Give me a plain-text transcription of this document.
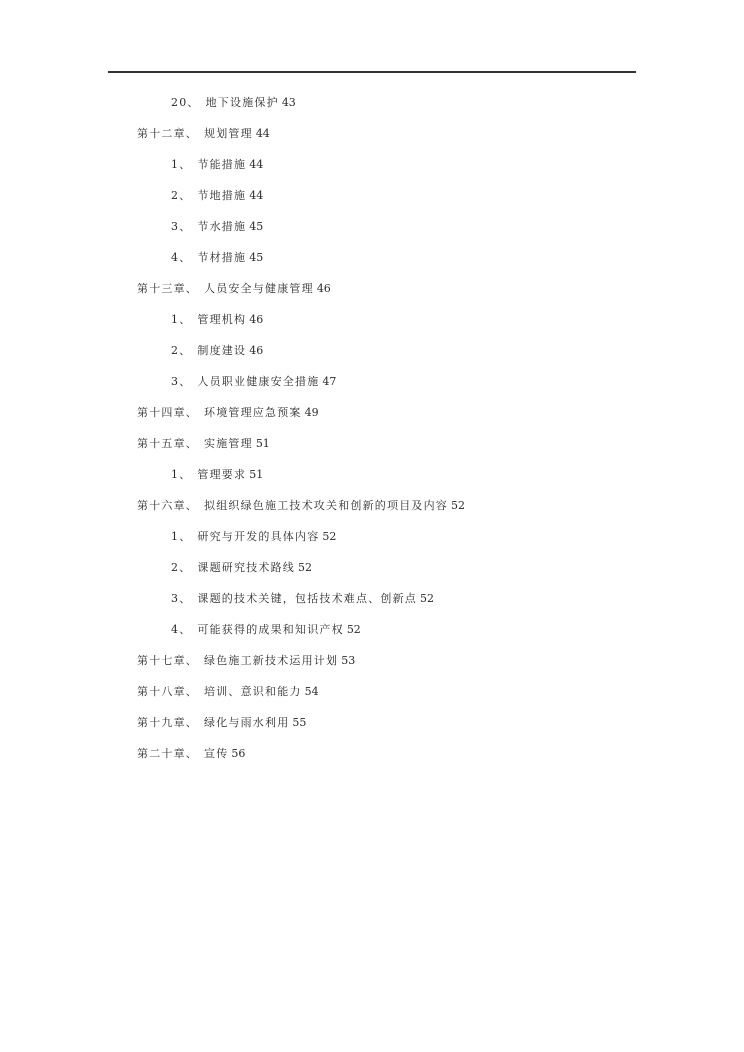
20、 地下设施保护 43
第十二章、 规划管理 44
1、 节能措施 44
2、 节地措施 44
3、 节水措施 45
4、 节材措施 45
第十三章、 人员安全与健康管理 46
1、 管理机构 46
2、 制度建设 46
3、 人员职业健康安全措施 47
第十四章、 环境管理应急预案 49
第十五章、 实施管理 51
1、 管理要求 51
第十六章、 拟组织绿色施工技术攻关和创新的项目及内容 52
1、 研究与开发的具体内容 52
2、 课题研究技术路线 52
3、 课题的技术关键，包括技术难点、创新点 52
4、 可能获得的成果和知识产权 52
第十七章、 绿色施工新技术运用计划 53
第十八章、 培训、意识和能力 54
第十九章、 绿化与雨水利用 55
第二十章、 宣传 56
